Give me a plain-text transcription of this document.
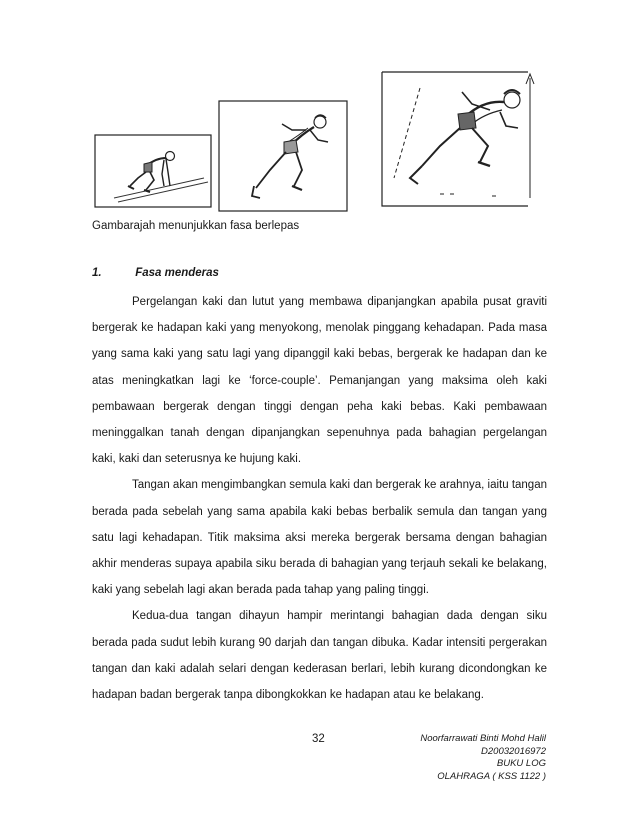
Gambarajah menunjukkan fasa berlepas
1.	Fasa menderas

Pergelangan kaki dan lutut yang membawa dipanjangkan apabila pusat graviti bergerak ke hadapan kaki yang menyokong, menolak pinggang kehadapan. Pada masa yang sama kaki yang satu lagi yang dipanggil kaki bebas, bergerak ke hadapan dan ke atas meningkatkan lagi ke ‘force-couple’. Pemanjangan yang maksima oleh kaki pembawaan bergerak dengan tinggi dengan peha kaki bebas. Kaki pembawaan meninggalkan tanah dengan dipanjangkan sepenuhnya pada bahagian pergelangan kaki, kaki dan seterusnya ke hujung kaki.

Tangan akan mengimbangkan semula kaki dan bergerak ke arahnya, iaitu tangan berada pada sebelah yang sama apabila kaki bebas berbalik semula dan tangan yang satu lagi kehadapan. Titik maksima aksi mereka bergerak bersama dengan bahagian akhir menderas supaya apabila siku berada di bahagian yang terjauh sekali ke belakang, kaki yang sebelah lagi akan berada pada tahap yang paling tinggi.

Kedua-dua tangan dihayun hampir merintangi bahagian dada dengan siku berada pada sudut lebih kurang 90 darjah dan tangan dibuka. Kadar intensiti pergerakan tangan dan kaki adalah selari dengan kederasan berlari, lebih kurang dicondongkan ke hadapan badan bergerak tanpa dibongkokkan ke hadapan atau ke belakang.

32	Noorfarrawati Binti Mohd Halil
D20032016972
BUKU LOG
OLAHRAGA ( KSS 1122 )
